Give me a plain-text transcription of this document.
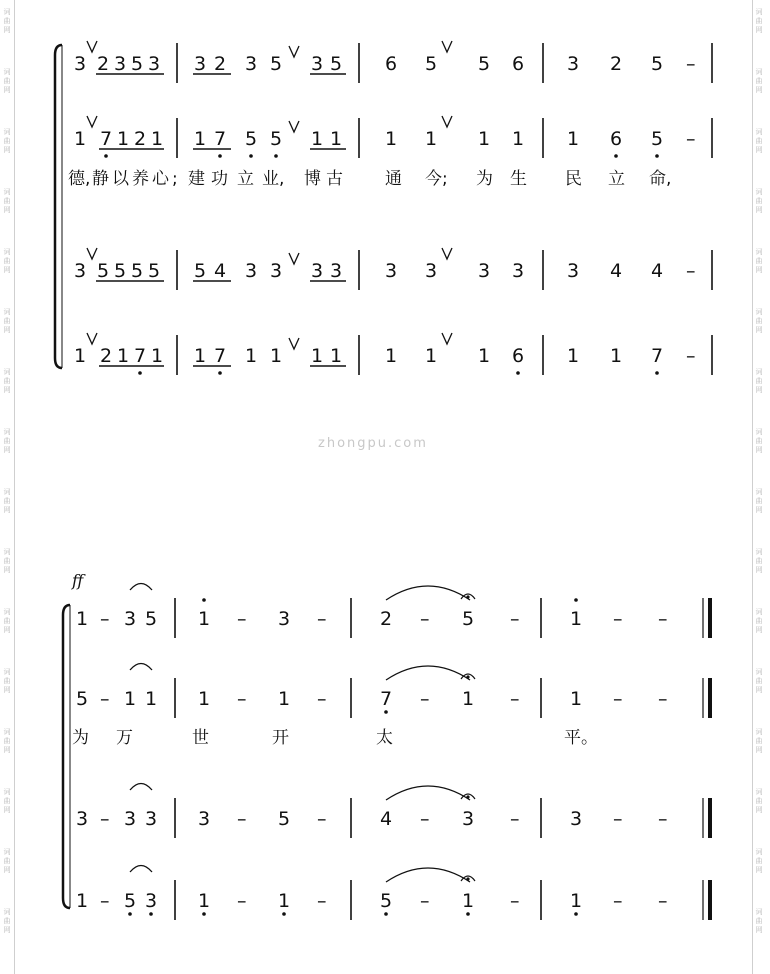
词
曲
网
词
曲
网
词
曲
网
词
曲
网
词
曲
网
词
曲
网
词
曲
网
词
曲
网
词
曲
网
词
曲
网
词
曲
网
词
曲
网
词
曲
网
词
曲
网
词
曲
网
词
曲
网
词
曲
网
词
曲
网
词
曲
网
词
曲
网
词
曲
网
词
曲
网
词
曲
网
词
曲
网
词
曲
网
词
曲
网
词
曲
网
词
曲
网
词
曲
网
词
曲
网
词
曲
网
词
曲
网
3 2 3 5 3 3 2 3 5 3 5 6 5 5 6 3 2 5 –
1 7 1 2 1 1 7 5 5 1 1 1 1 1 1 1 6 5 –
德, 静 以 养 心 ; 建 功 立 业, 博 古 通 今; 为 生 民 立 命,
3 5 5 5 5 5 4 3 3 3 3 3 3 3 3 3 4 4 –
1 2 1 7 1 1 7 1 1 1 1 1 1 1 6 1 1 7 –
zhongpu.com
ff
1 – 3 5 1 – 3 –	2 – 5 –	1 – –
5 – 1 1 1 – 1 –	7 – 1 –	1 – –
为 万	世	开	太	平。
3 – 3 3 3 – 5 –	4 – 3 –	3 – –
1 – 5 3 1 – 1 –	5 – 1 –	1 – –
